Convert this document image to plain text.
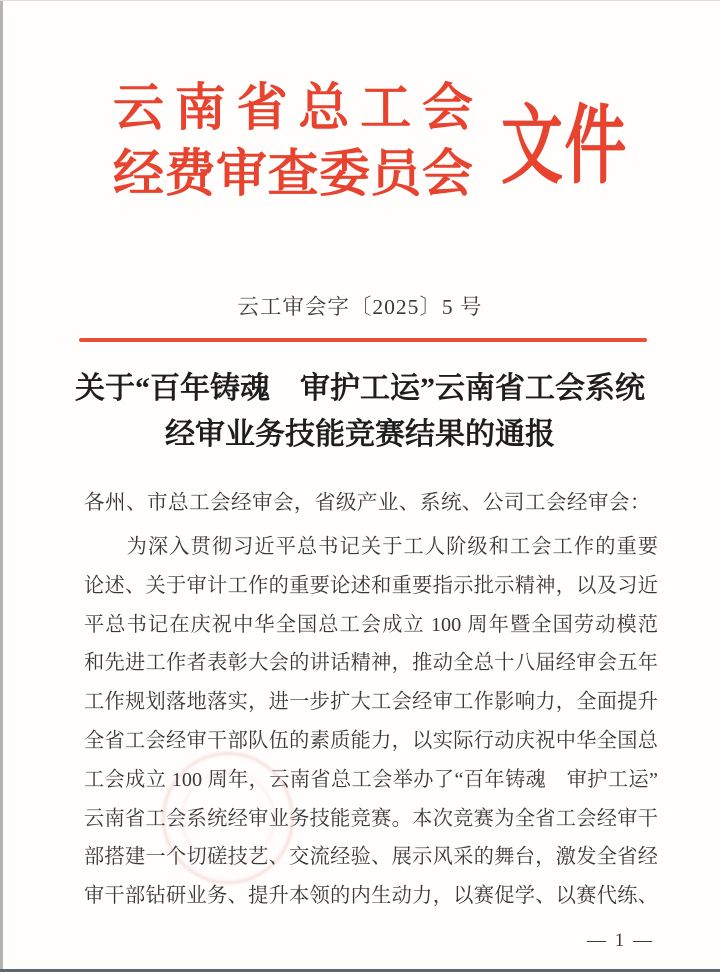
云 南 省 总 工 会
经 费 审 查 委 员 会 文件
云工审会字〔2025〕5 号
关于“百年铸魂　审护工运”云南省工会系统
经审业务技能竞赛结果的通报
各州、市总工会经审会，省级产业、系统、公司工会经审会：
　　为深入贯彻习近平总书记关于工人阶级和工会工作的重要
论述、关于审计工作的重要论述和重要指示批示精神，以及习近
平总书记在庆祝中华全国总工会成立 100 周年暨全国劳动模范
和先进工作者表彰大会的讲话精神，推动全总十八届经审会五年
工作规划落地落实，进一步扩大工会经审工作影响力，全面提升
全省工会经审干部队伍的素质能力，以实际行动庆祝中华全国总
工会成立 100 周年，云南省总工会举办了“百年铸魂　审护工运”
云南省工会系统经审业务技能竞赛。本次竞赛为全省工会经审干
部搭建一个切磋技艺、交流经验、展示风采的舞台，激发全省经
审干部钻研业务、提升本领的内生动力，以赛促学、以赛代练、
— 1 —
